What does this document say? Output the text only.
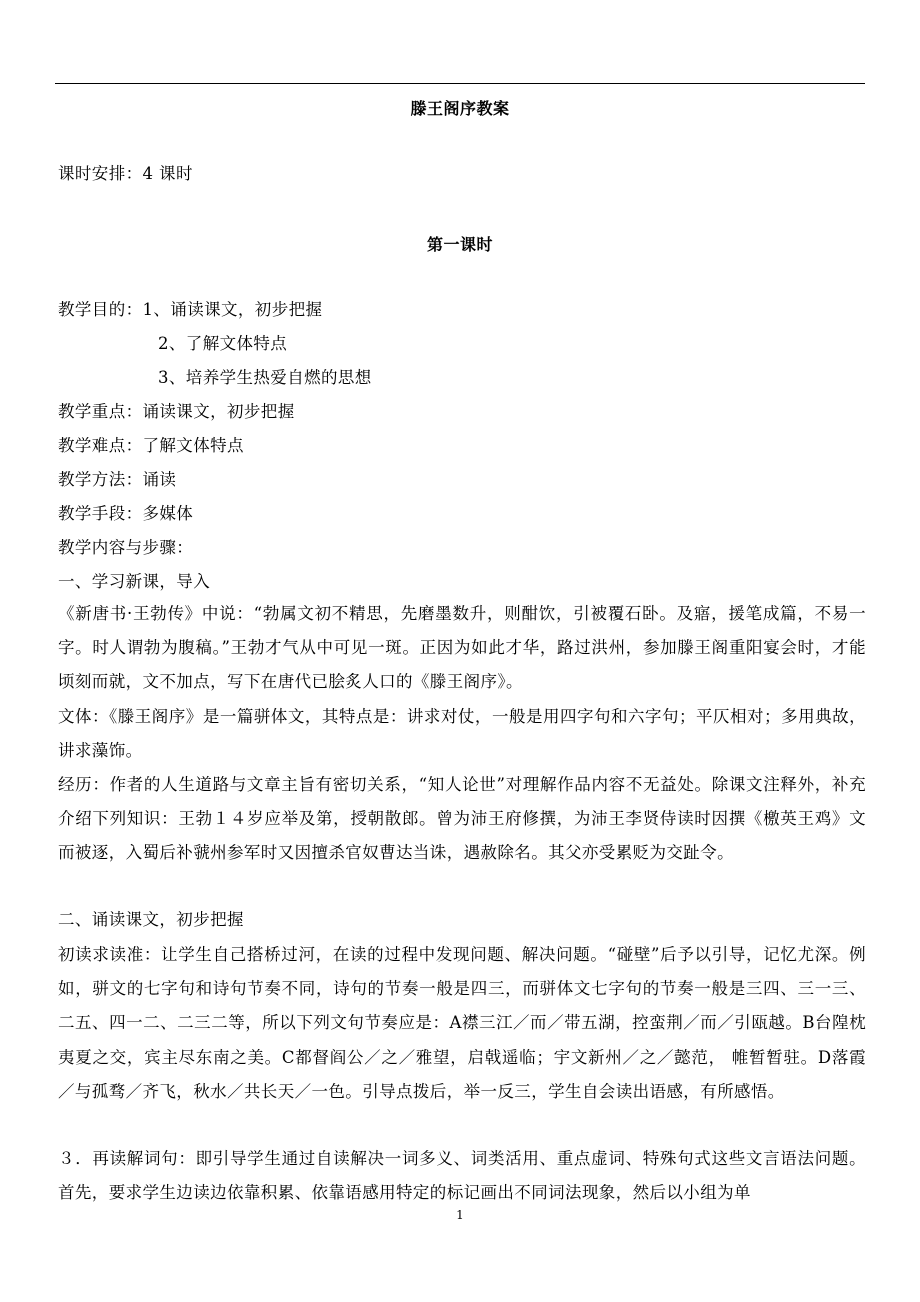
滕王阁序教案
课时安排：4 课时
第一课时
教学目的：1、诵读课文，初步把握
2、了解文体特点
3、培养学生热爱自燃的思想
教学重点：诵读课文，初步把握
教学难点：了解文体特点
教学方法：诵读
教学手段：多媒体
教学内容与步骤：
一、学习新课，导入
《新唐书·王勃传》中说：“勃属文初不精思，先磨墨数升，则酣饮，引被覆石卧。及寤，援笔成篇，不易一字。时人谓勃为腹稿。”王勃才气从中可见一斑。正因为如此才华，路过洪州，参加滕王阁重阳宴会时，才能顷刻而就，文不加点，写下在唐代已脍炙人口的《滕王阁序》。
文体：《滕王阁序》是一篇骈体文，其特点是：讲求对仗，一般是用四字句和六字句；平仄相对；多用典故，讲求藻饰。
经历：作者的人生道路与文章主旨有密切关系，“知人论世”对理解作品内容不无益处。除课文注释外，补充介绍下列知识：王勃１４岁应举及第，授朝散郎。曾为沛王府修撰，为沛王李贤侍读时因撰《檄英王鸡》文而被逐，入蜀后补虢州参军时又因擅杀官奴曹达当诛，遇赦除名。其父亦受累贬为交趾令。
二、诵读课文，初步把握
初读求读准：让学生自己搭桥过河，在读的过程中发现问题、解决问题。“碰壁”后予以引导，记忆尤深。例如，骈文的七字句和诗句节奏不同，诗句的节奏一般是四三，而骈体文七字句的节奏一般是三四、三一三、二五、四一二、二三二等，所以下列文句节奏应是：A襟三江／而／带五湖，控蛮荆／而／引瓯越。B台隍枕夷夏之交，宾主尽东南之美。C都督阎公／之／雅望，启戟遥临；宇文新州／之／懿范， 帷暂暂驻。D落霞／与孤骛／齐飞，秋水／共长天／一色。引导点拨后，举一反三，学生自会读出语感，有所感悟。
３．再读解词句：即引导学生通过自读解决一词多义、词类活用、重点虚词、特殊句式这些文言语法问题。首先，要求学生边读边依靠积累、依靠语感用特定的标记画出不同词法现象，然后以小组为单
1
